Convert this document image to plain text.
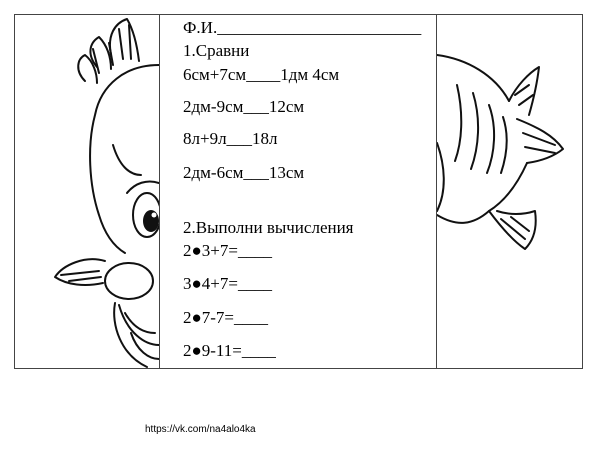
Ф.И.________________________
1.Сравни
6см+7см____1дм 4см
2дм-9см___12см
8л+9л___18л
2дм-6см___13см
2.Выполни вычисления
2●3+7=____
3●4+7=____
2●7-7=____
2●9-11=____
https://vk.com/na4alo4ka
